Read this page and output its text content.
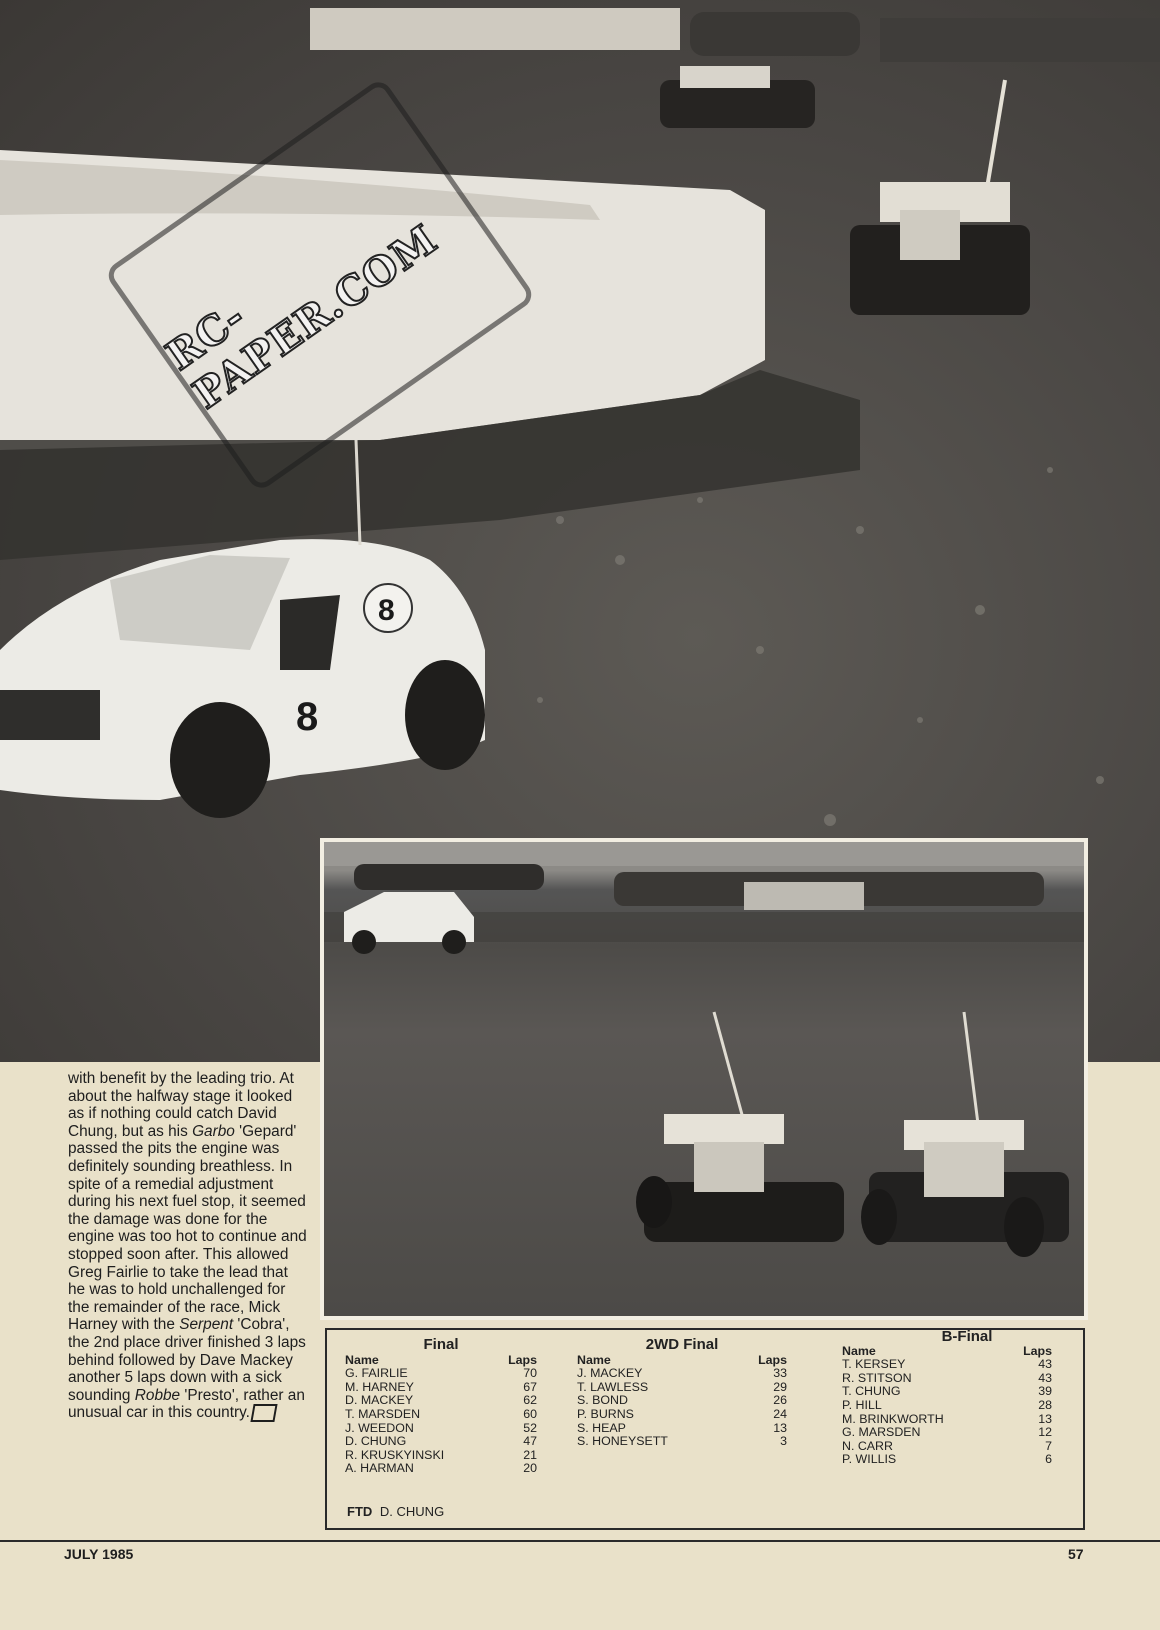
8
8
RC-PAPER.COM
with benefit by the leading trio. At about the halfway stage it looked as if nothing could catch David Chung, but as his Garbo 'Gepard' passed the pits the engine was definitely sounding breathless. In spite of a remedial adjustment during his next fuel stop, it seemed the damage was done for the engine was too hot to continue and stopped soon after. This allowed Greg Fairlie to take the lead that he was to hold unchallenged for the remainder of the race, Mick Harney with the Serpent 'Cobra', the 2nd place driver finished 3 laps behind followed by Dave Mackey another 5 laps down with a sick sounding Robbe 'Presto', rather an unusual car in this country.
Final
Name	Laps
G. FAIRLIE	70
M. HARNEY	67
D. MACKEY	62
T. MARSDEN	60
J. WEEDON	52
D. CHUNG	47
R. KRUSKYINSKI	21
A. HARMAN	20
2WD Final
Name	Laps
J. MACKEY	33
T. LAWLESS	29
S. BOND	26
P. BURNS	24
S. HEAP	13
S. HONEYSETT	3
B-Final
Name	Laps
T. KERSEY	43
R. STITSON	43
T. CHUNG	39
P. HILL	28
M. BRINKWORTH	13
G. MARSDEN	12
N. CARR	7
P. WILLIS	6
FTD D. CHUNG
JULY 1985	57
